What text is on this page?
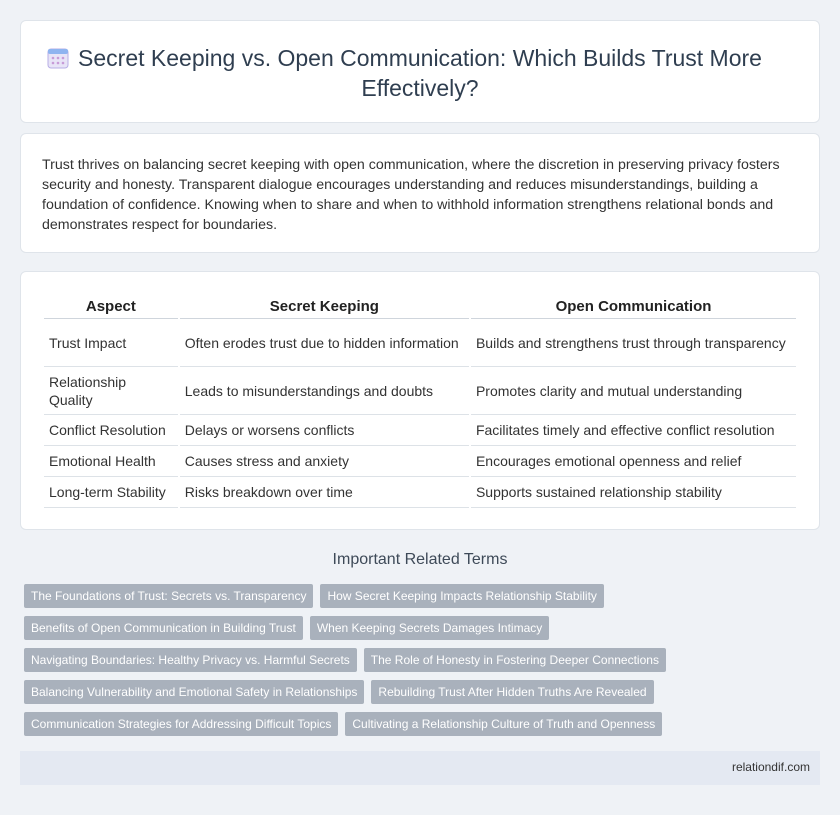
Secret Keeping vs. Open Communication: Which Builds Trust More Effectively?

Trust thrives on balancing secret keeping with open communication, where the discretion in preserving privacy fosters security and honesty. Transparent dialogue encourages understanding and reduces misunderstandings, building a foundation of confidence. Knowing when to share and when to withhold information strengthens relational bonds and demonstrates respect for boundaries.

Aspect	Secret Keeping	Open Communication
Trust Impact	Often erodes trust due to hidden information	Builds and strengthens trust through transparency
Relationship Quality	Leads to misunderstandings and doubts	Promotes clarity and mutual understanding
Conflict Resolution	Delays or worsens conflicts	Facilitates timely and effective conflict resolution
Emotional Health	Causes stress and anxiety	Encourages emotional openness and relief
Long-term Stability	Risks breakdown over time	Supports sustained relationship stability
Important Related Terms
The Foundations of Trust: Secrets vs. Transparency	How Secret Keeping Impacts Relationship Stability
Benefits of Open Communication in Building Trust	When Keeping Secrets Damages Intimacy
Navigating Boundaries: Healthy Privacy vs. Harmful Secrets	The Role of Honesty in Fostering Deeper Connections
Balancing Vulnerability and Emotional Safety in Relationships	Rebuilding Trust After Hidden Truths Are Revealed
Communication Strategies for Addressing Difficult Topics	Cultivating a Relationship Culture of Truth and Openness
relationdif.com
